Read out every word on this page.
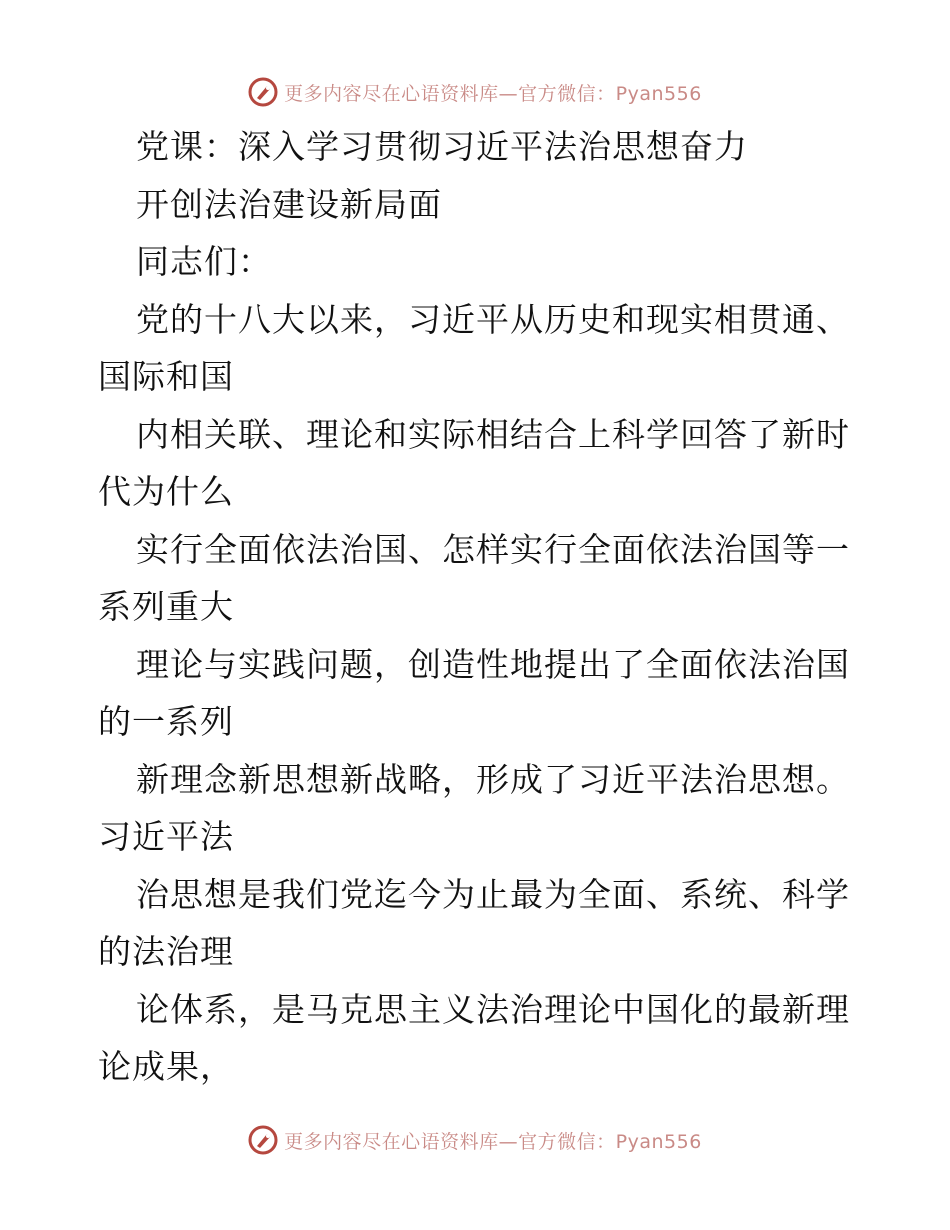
更多内容尽在心语资料库—官方微信：Pyan556
党课：深入学习贯彻习近平法治思想奋力
开创法治建设新局面
同志们：
党的十八大以来，习近平从历史和现实相贯通、
国际和国
内相关联、理论和实际相结合上科学回答了新时
代为什么
实行全面依法治国、怎样实行全面依法治国等一
系列重大
理论与实践问题，创造性地提出了全面依法治国
的一系列
新理念新思想新战略，形成了习近平法治思想。
习近平法
治思想是我们党迄今为止最为全面、系统、科学
的法治理
论体系，是马克思主义法治理论中国化的最新理
论成果，
更多内容尽在心语资料库—官方微信：Pyan556
